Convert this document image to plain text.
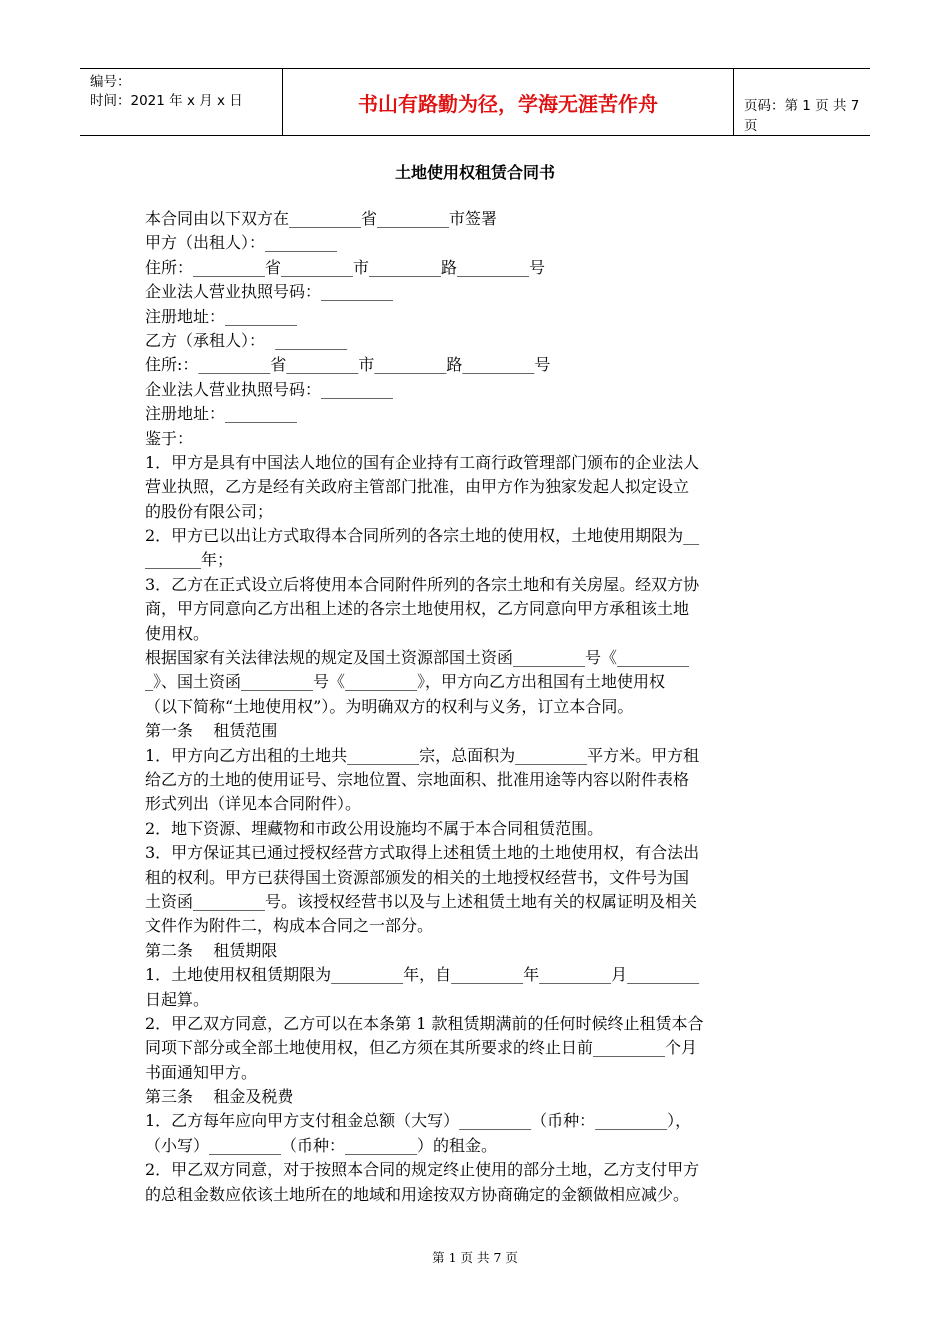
编号：
时间：2021 年 x 月 x 日	书山有路勤为径，学海无涯苦作舟	页码：第 1 页 共 7 页
土地使用权租赁合同书
本合同由以下双方在_________省_________市签署
甲方（出租人）：_________
住所：_________省_________市_________路_________号
企业法人营业执照号码：_________
注册地址：_________
乙方（承租人）：  _________
住所:：_________省_________市_________路_________号
企业法人营业执照号码：_________
注册地址：_________
鉴于：
1．甲方是具有中国法人地位的国有企业持有工商行政管理部门颁布的企业法人
营业执照，乙方是经有关政府主管部门批准，由甲方作为独家发起人拟定设立
的股份有限公司；
2．甲方已以出让方式取得本合同所列的各宗土地的使用权，土地使用期限为__
_______年；
3．乙方在正式设立后将使用本合同附件所列的各宗土地和有关房屋。经双方协
商，甲方同意向乙方出租上述的各宗土地使用权，乙方同意向甲方承租该土地
使用权。
根据国家有关法律法规的规定及国土资源部国土资函_________号《_________
_》、国土资函_________号《_________》，甲方向乙方出租国有土地使用权
（以下简称“土地使用权”）。为明确双方的权利与义务，订立本合同。
第一条    租赁范围
1．甲方向乙方出租的土地共_________宗，总面积为_________平方米。甲方租
给乙方的土地的使用证号、宗地位置、宗地面积、批准用途等内容以附件表格
形式列出（详见本合同附件）。
2．地下资源、埋藏物和市政公用设施均不属于本合同租赁范围。
3．甲方保证其已通过授权经营方式取得上述租赁土地的土地使用权，有合法出
租的权利。甲方已获得国土资源部颁发的相关的土地授权经营书，文件号为国
土资函_________号。该授权经营书以及与上述租赁土地有关的权属证明及相关
文件作为附件二，构成本合同之一部分。
第二条    租赁期限
1．土地使用权租赁期限为_________年，自_________年_________月_________
日起算。
2．甲乙双方同意，乙方可以在本条第 1 款租赁期满前的任何时候终止租赁本合
同项下部分或全部土地使用权，但乙方须在其所要求的终止日前_________个月
书面通知甲方。
第三条    租金及税费
1．乙方每年应向甲方支付租金总额（大写）_________（币种：_________），
（小写）_________（币种：_________）的租金。
2．甲乙双方同意，对于按照本合同的规定终止使用的部分土地，乙方支付甲方
的总租金数应依该土地所在的地域和用途按双方协商确定的金额做相应减少。
第 1 页 共 7 页
